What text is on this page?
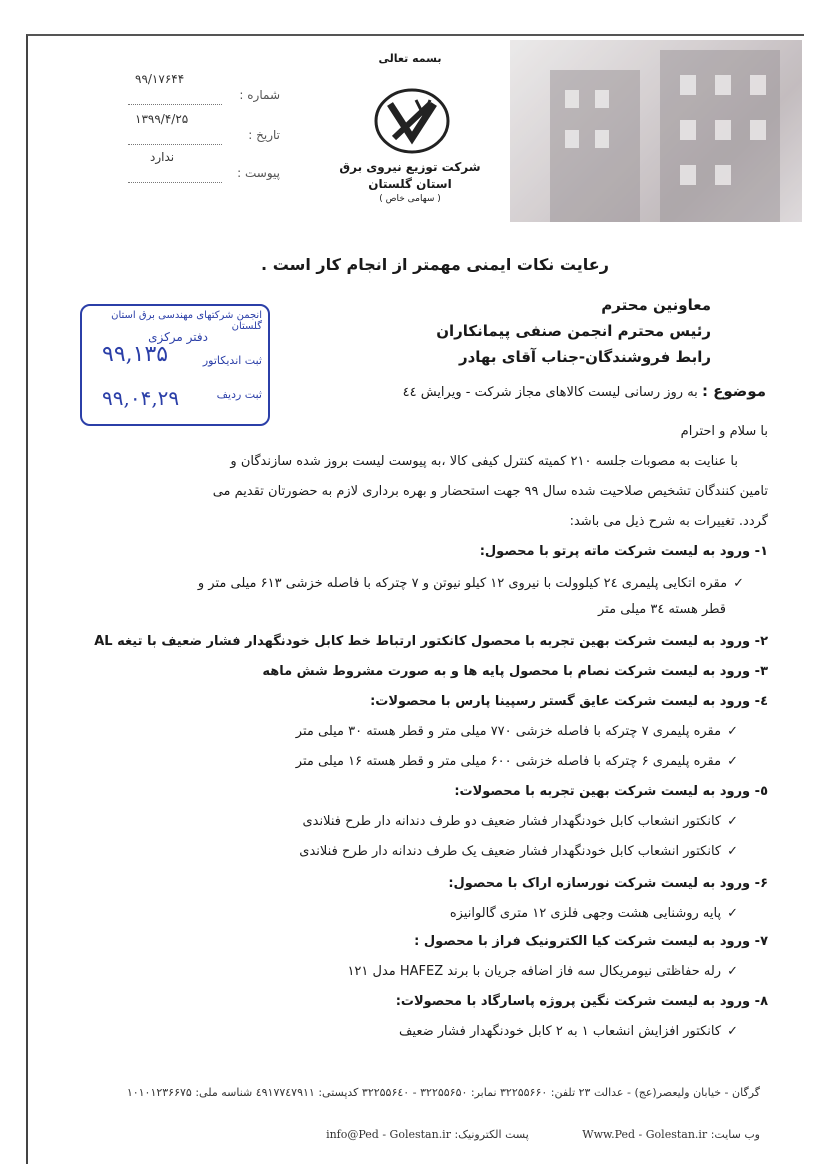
بسمه تعالی
شماره :
۹۹/۱۷۶۴۴
تاریخ :
۱۳۹۹/۴/۲۵
پیوست :
ندارد
شرکت توزیع نیروی برق
استان گلستان
( سهامی خاص )
رعایت نکات ایمنی مهمتر از انجام کار است .
انجمن شرکتهای مهندسی برق استان گلستان
دفتر مرکزی
ثبت اندیکاتور
۹۹,۱۳۵
ثبت ردیف
۹۹,۰۴,۲۹
معاونین محترم
رئیس محترم انجمن صنفی پیمانکاران
رابط فروشندگان-جناب آقای بهادر
موضوع : به روز رسانی لیست کالاهای مجاز شرکت - ویرایش ٤٤
با سلام و احترام
با عنایت به مصوبات جلسه ۲۱۰ کمیته کنترل کیفی کالا ،به پیوست لیست بروز شده سازندگان و
تامین کنندگان تشخیص صلاحیت شده سال ۹۹ جهت استحضار و بهره برداری لازم به حضورتان تقدیم می
گردد. تغییرات به شرح ذیل می باشد:
۱- ورود به لیست شرکت ماته پرتو با محصول:
✓ مقره اتکایی پلیمری ۲٤ کیلوولت با نیروی ۱۲ کیلو نیوتن و ۷ چترکه با فاصله خزشی ۶۱۳ میلی متر و
قطر هسته ۳٤ میلی متر
۲- ورود به لیست شرکت بهین تجربه با محصول کانکتور ارتباط خط کابل خودنگهدار فشار ضعیف با تیغه AL
۳- ورود به لیست شرکت نصام با محصول پایه ها و به صورت مشروط شش ماهه
٤- ورود به لیست شرکت عایق گستر رسپینا پارس با محصولات:
✓ مقره پلیمری ۷ چترکه با فاصله خزشی ۷۷۰ میلی متر و قطر هسته ۳۰ میلی متر
✓ مقره پلیمری ۶ چترکه با فاصله خزشی ۶۰۰ میلی متر و قطر هسته ۱۶ میلی متر
٥- ورود به لیست شرکت بهین تجربه با محصولات:
✓ کانکتور انشعاب کابل خودنگهدار فشار ضعیف دو طرف دندانه دار طرح فنلاندی
✓ کانکتور انشعاب کابل خودنگهدار فشار ضعیف یک طرف دندانه دار طرح فنلاندی
۶- ورود به لیست شرکت نورسازه اراک با محصول:
✓ پایه روشنایی هشت وجهی فلزی ۱۲ متری گالوانیزه
۷- ورود به لیست شرکت کیا الکترونیک فراز با محصول :
✓ رله حفاظتی نیومریکال سه فاز اضافه جریان با برند HAFEZ مدل ۱۲۱
۸- ورود به لیست شرکت نگین پروژه پاسارگاد با محصولات:
✓ کانکتور افزایش انشعاب ۱ به ۲ کابل خودنگهدار فشار ضعیف
گرگان - خیابان ولیعصر(عج) - عدالت ۲۳ تلفن: ۳۲۲۵۵۶۶۰ نمابر: ۳۲۲۵۵۶۵۰ - ۳۲۲۵۵۶٤۰ کدپستی: ٤۹۱۷۷٤۷۹۱۱ شناسه ملی: ۱۰۱۰۱۲۳۶۶۷۵
وب سایت: Www.Ped - Golestan.ir پست الکترونیک: info@Ped - Golestan.ir
